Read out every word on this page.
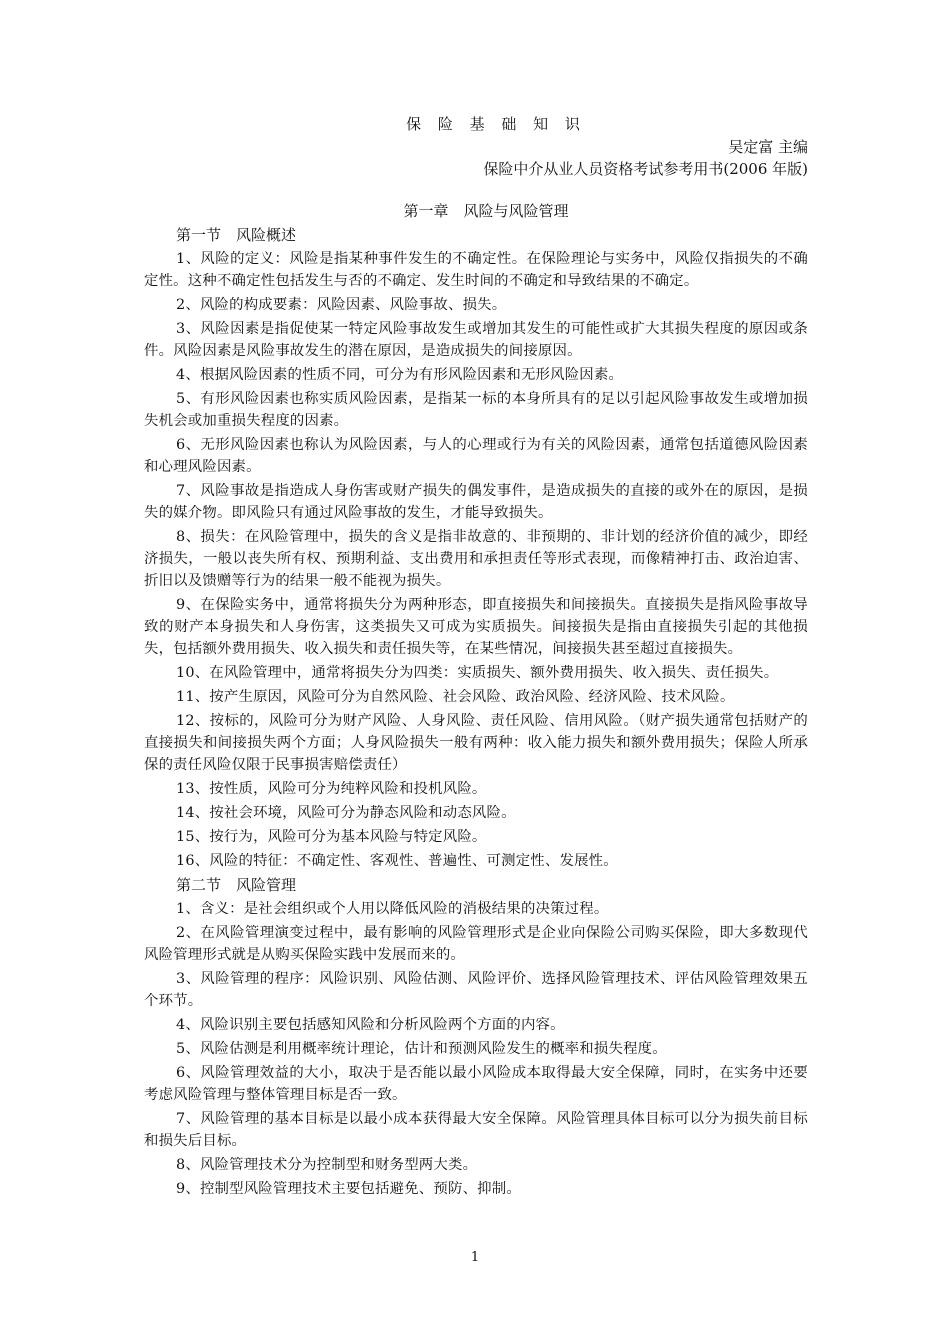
保 险 基 础 知 识
吴定富 主编
保险中介从业人员资格考试参考用书(2006 年版)
第一章　风险与风险管理
第一节　风险概述

1、风险的定义：风险是指某种事件发生的不确定性。在保险理论与实务中，风险仅指损失的不确定性。这种不确定性包括发生与否的不确定、发生时间的不确定和导致结果的不确定。

2、风险的构成要素：风险因素、风险事故、损失。

3、风险因素是指促使某一特定风险事故发生或增加其发生的可能性或扩大其损失程度的原因或条件。风险因素是风险事故发生的潜在原因，是造成损失的间接原因。

4、根据风险因素的性质不同，可分为有形风险因素和无形风险因素。

5、有形风险因素也称实质风险因素，是指某一标的本身所具有的足以引起风险事故发生或增加损失机会或加重损失程度的因素。

6、无形风险因素也称认为风险因素，与人的心理或行为有关的风险因素，通常包括道德风险因素和心理风险因素。

7、风险事故是指造成人身伤害或财产损失的偶发事件，是造成损失的直接的或外在的原因，是损失的媒介物。即风险只有通过风险事故的发生，才能导致损失。

8、损失：在风险管理中，损失的含义是指非故意的、非预期的、非计划的经济价值的减少，即经济损失，一般以丧失所有权、预期利益、支出费用和承担责任等形式表现，而像精神打击、政治迫害、折旧以及馈赠等行为的结果一般不能视为损失。

9、在保险实务中，通常将损失分为两种形态，即直接损失和间接损失。直接损失是指风险事故导致的财产本身损失和人身伤害，这类损失又可成为实质损失。间接损失是指由直接损失引起的其他损失，包括额外费用损失、收入损失和责任损失等，在某些情况，间接损失甚至超过直接损失。

10、在风险管理中，通常将损失分为四类：实质损失、额外费用损失、收入损失、责任损失。

11、按产生原因，风险可分为自然风险、社会风险、政治风险、经济风险、技术风险。

12、按标的，风险可分为财产风险、人身风险、责任风险、信用风险。（财产损失通常包括财产的直接损失和间接损失两个方面；人身风险损失一般有两种：收入能力损失和额外费用损失；保险人所承保的责任风险仅限于民事损害赔偿责任）

13、按性质，风险可分为纯粹风险和投机风险。

14、按社会环境，风险可分为静态风险和动态风险。

15、按行为，风险可分为基本风险与特定风险。

16、风险的特征：不确定性、客观性、普遍性、可测定性、发展性。

第二节　风险管理

1、含义：是社会组织或个人用以降低风险的消极结果的决策过程。

2、在风险管理演变过程中，最有影响的风险管理形式是企业向保险公司购买保险，即大多数现代风险管理形式就是从购买保险实践中发展而来的。

3、风险管理的程序：风险识别、风险估测、风险评价、选择风险管理技术、评估风险管理效果五个环节。

4、风险识别主要包括感知风险和分析风险两个方面的内容。

5、风险估测是利用概率统计理论，估计和预测风险发生的概率和损失程度。

6、风险管理效益的大小，取决于是否能以最小风险成本取得最大安全保障，同时，在实务中还要考虑风险管理与整体管理目标是否一致。

7、风险管理的基本目标是以最小成本获得最大安全保障。风险管理具体目标可以分为损失前目标和损失后目标。

8、风险管理技术分为控制型和财务型两大类。

9、控制型风险管理技术主要包括避免、预防、抑制。

1
